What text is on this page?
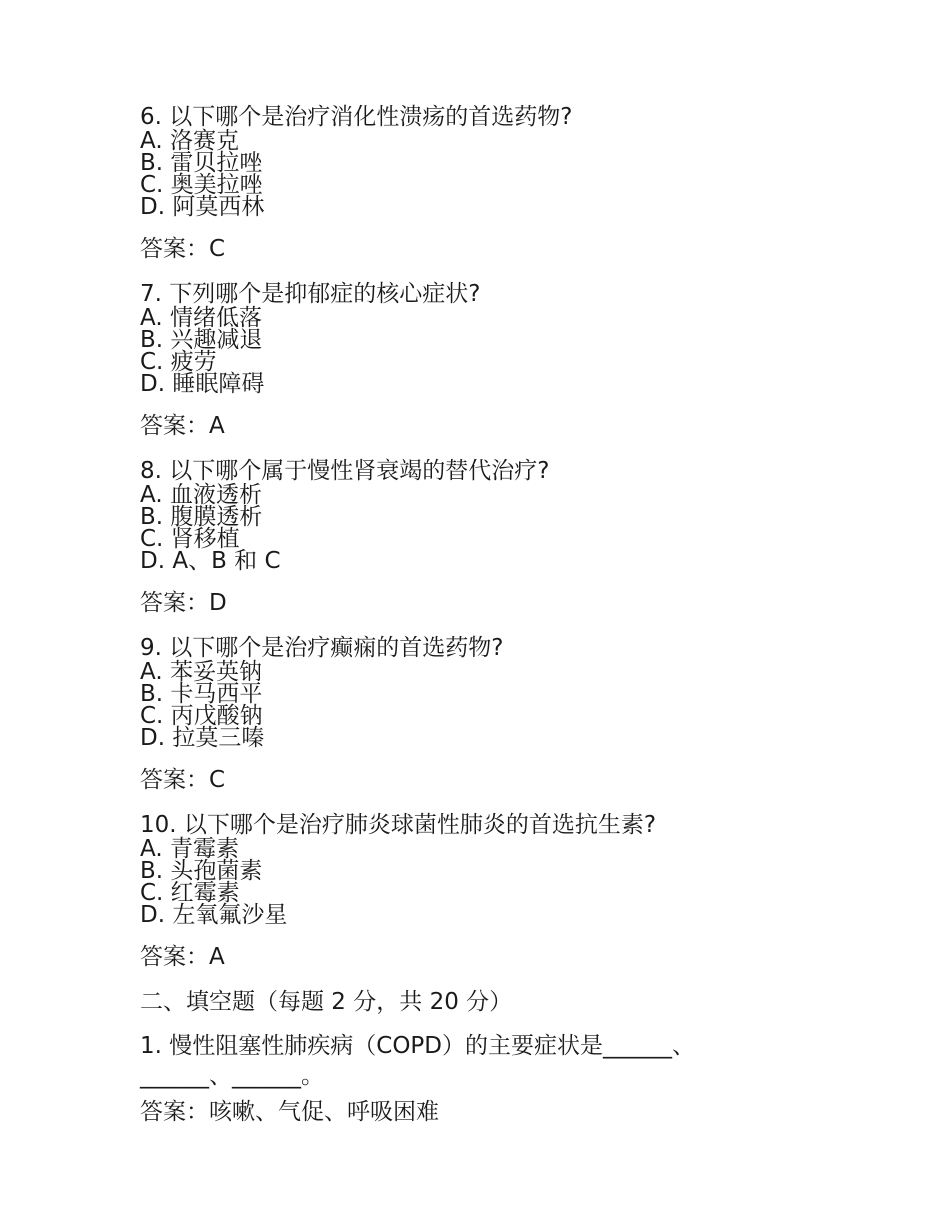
6. 以下哪个是治疗消化性溃疡的首选药物?
A. 洛赛克
B. 雷贝拉唑
C. 奥美拉唑
D. 阿莫西林
答案：C
7. 下列哪个是抑郁症的核心症状?
A. 情绪低落
B. 兴趣减退
C. 疲劳
D. 睡眠障碍
答案：A
8. 以下哪个属于慢性肾衰竭的替代治疗?
A. 血液透析
B. 腹膜透析
C. 肾移植
D. A、B 和 C
答案：D
9. 以下哪个是治疗癫痫的首选药物?
A. 苯妥英钠
B. 卡马西平
C. 丙戊酸钠
D. 拉莫三嗪
答案：C
10. 以下哪个是治疗肺炎球菌性肺炎的首选抗生素?
A. 青霉素
B. 头孢菌素
C. 红霉素
D. 左氧氟沙星
答案：A
二、填空题（每题 2 分，共 20 分）
1. 慢性阻塞性肺疾病（COPD）的主要症状是______、______、______。
答案：咳嗽、气促、呼吸困难
